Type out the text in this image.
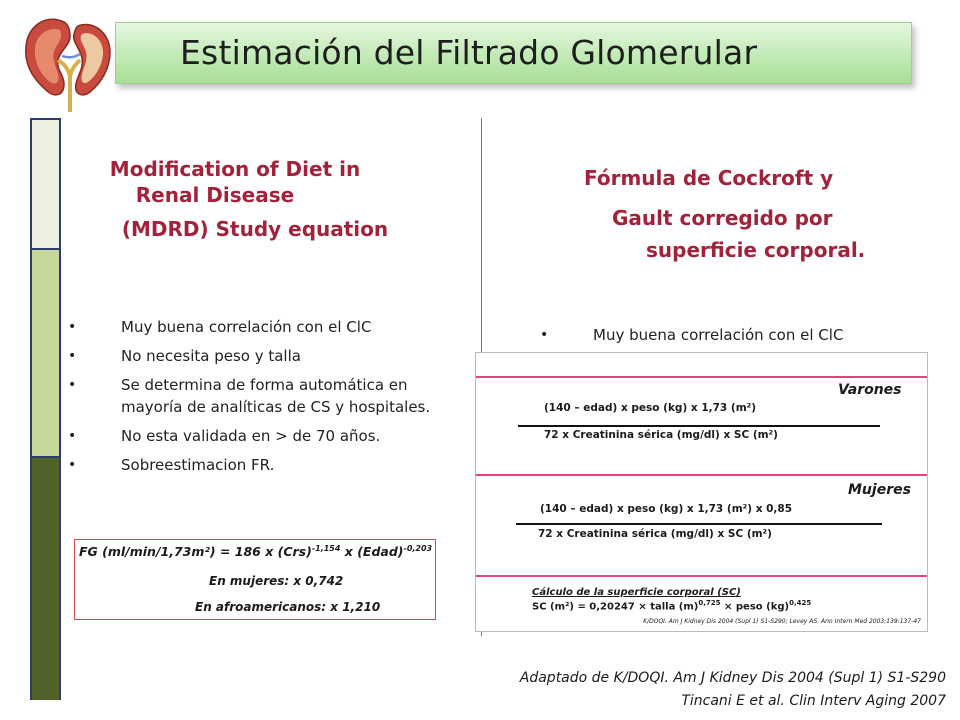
Estimación del Filtrado Glomerular
Modification of Diet in
Renal Disease
(MDRD) Study equation
•	Muy buena correlación con el ClC
•	No necesita peso y talla
•	Se determina de forma automática en mayoría de analíticas de CS y hospitales.
•	No esta validada en > de 70 años.
•	Sobreestimacion FR.
FG (ml/min/1,73m²) = 186 x (Crs)$^{-1,154}$ x (Edad)$^{-0,203}$
En mujeres: x 0,742
En afroamericanos: x 1,210
Fórmula de Cockroft y
Gault corregido por
superficie corporal.
•	Muy buena correlación con el ClC
Varones
(140 – edad) x peso (kg) x 1,73 (m²)
72 x Creatinina sérica (mg/dl) x SC (m²)
Mujeres
(140 – edad) x peso (kg) x 1,73 (m²) x 0,85
72 x Creatinina sérica (mg/dl) x SC (m²)
Cálculo de la superficie corporal (SC)
SC (m²) = 0,20247 × talla $(m)^{0,725}$ × peso (kg)$^{0,425}$
K/DOQI. Am J Kidney Dis 2004 (Supl 1) S1-S290; Levey AS. Ann Intern Med 2003;139:137-47
Adaptado de K/DOQI. Am J Kidney Dis 2004 (Supl 1) S1-S290
Tincani E et al. Clin Interv Aging 2007
